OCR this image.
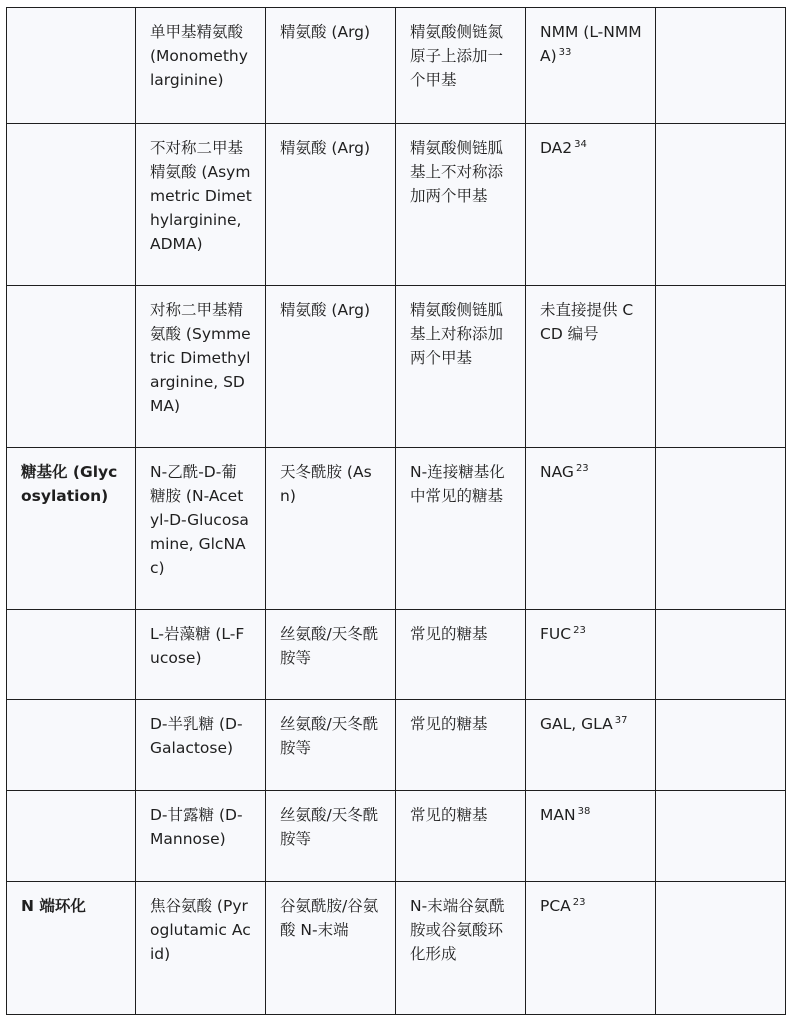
	单甲基精氨酸 (Monomethylarginine)	精氨酸 (Arg)	精氨酸侧链氮原子上添加一个甲基	NMM (L-NMMA) $^{33}$	
	不对称二甲基精氨酸 (Asymmetric Dimethylarginine, ADMA)	精氨酸 (Arg)	精氨酸侧链胍基上不对称添加两个甲基	DA2 $^{34}$	
	对称二甲基精氨酸 (Symmetric Dimethylarginine, SDMA)	精氨酸 (Arg)	精氨酸侧链胍基上对称添加两个甲基	未直接提供 CCD 编号	
糖基化 (Glycosylation)	N-乙酰-D-葡糖胺 (N-Acetyl-D-Glucosamine, GlcNAc)	天冬酰胺 (Asn)	N-连接糖基化中常见的糖基	NAG $^{23}$	
	L-岩藻糖 (L-Fucose)	丝氨酸/天冬酰胺等	常见的糖基	FUC $^{23}$	
	D-半乳糖 (D-Galactose)	丝氨酸/天冬酰胺等	常见的糖基	GAL, GLA $^{37}$	
	D-甘露糖 (D-Mannose)	丝氨酸/天冬酰胺等	常见的糖基	MAN $^{38}$	
N 端环化	焦谷氨酸 (Pyroglutamic Acid)	谷氨酰胺/谷氨酸 N-末端	N-末端谷氨酰胺或谷氨酸环化形成	PCA $^{23}$	
